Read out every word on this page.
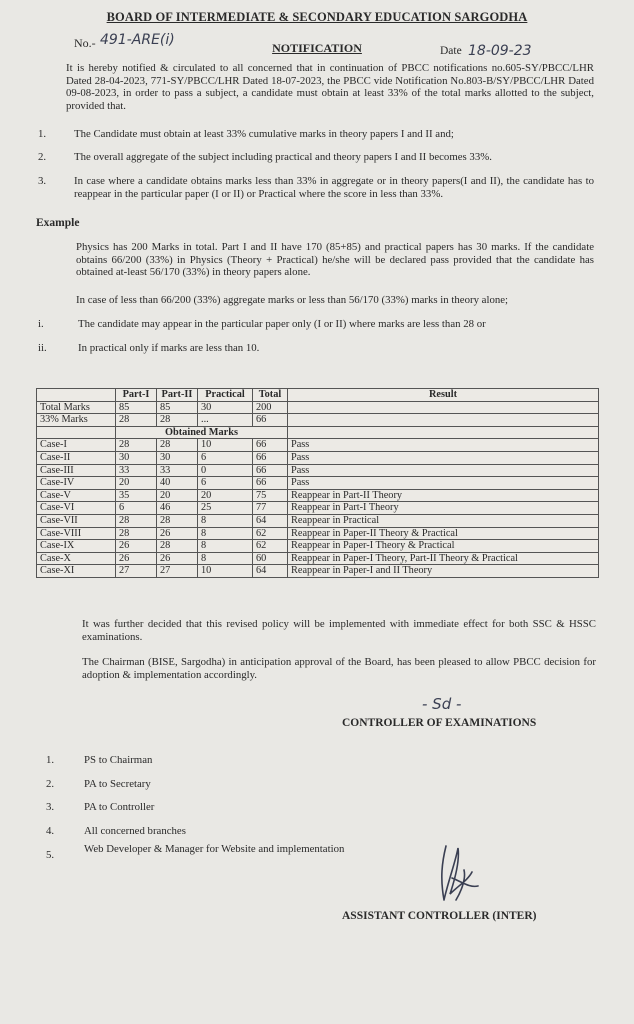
BOARD OF INTERMEDIATE & SECONDARY EDUCATION SARGODHA
No.- 491-ARE(i)	NOTIFICATION	Date 18-09-23
It is hereby notified & circulated to all concerned that in continuation of PBCC notifications no.605-SY/PBCC/LHR Dated 28-04-2023, 771-SY/PBCC/LHR Dated 18-07-2023, the PBCC vide Notification No.803-B/SY/PBCC/LHR Dated 09-08-2023, in order to pass a subject, a candidate must obtain at least 33% of the total marks allotted to the subject, provided that.
1.	The Candidate must obtain at least 33% cumulative marks in theory papers I and II and;
2.	The overall aggregate of the subject including practical and theory papers I and II becomes 33%.
3.	In case where a candidate obtains marks less than 33% in aggregate or in theory papers(I and II), the candidate has to reappear in the particular paper (I or II) or Practical where the score in less than 33%.
Example
Physics has 200 Marks in total. Part I and II have 170 (85+85) and practical papers has 30 marks. If the candidate obtains 66/200 (33%) in Physics (Theory + Practical) he/she will be declared pass provided that the candidate has obtained at-least 56/170 (33%) in theory papers alone.
In case of less than 66/200 (33%) aggregate marks or less than 56/170 (33%) marks in theory alone;
i.	The candidate may appear in the particular paper only (I or II) where marks are less than 28 or
ii.	In practical only if marks are less than 10.
	Part-I	Part-II	Practical	Total	Result
Total Marks	85	85	30	200	
33% Marks	28	28	...	66	
	Obtained Marks				
Case-I	28	28	10	66	Pass
Case-II	30	30	6	66	Pass
Case-III	33	33	0	66	Pass
Case-IV	20	40	6	66	Pass
Case-V	35	20	20	75	Reappear in Part-II Theory
Case-VI	6	46	25	77	Reappear in Part-I Theory
Case-VII	28	28	8	64	Reappear in Practical
Case-VIII	28	26	8	62	Reappear in Paper-II Theory & Practical
Case-IX	26	28	8	62	Reappear in Paper-I Theory & Practical
Case-X	26	26	8	60	Reappear in Paper-I Theory, Part-II Theory & Practical
Case-XI	27	27	10	64	Reappear in Paper-I and II Theory
It was further decided that this revised policy will be implemented with immediate effect for both SSC & HSSC examinations.
The Chairman (BISE, Sargodha) in anticipation approval of the Board, has been pleased to allow PBCC decision for adoption & implementation accordingly.
- Sd -
CONTROLLER OF EXAMINATIONS
1.	PS to Chairman
2.	PA to Secretary
3.	PA to Controller
4.	All concerned branches
5.	Web Developer & Manager for Website and implementation
ASSISTANT CONTROLLER (INTER)
